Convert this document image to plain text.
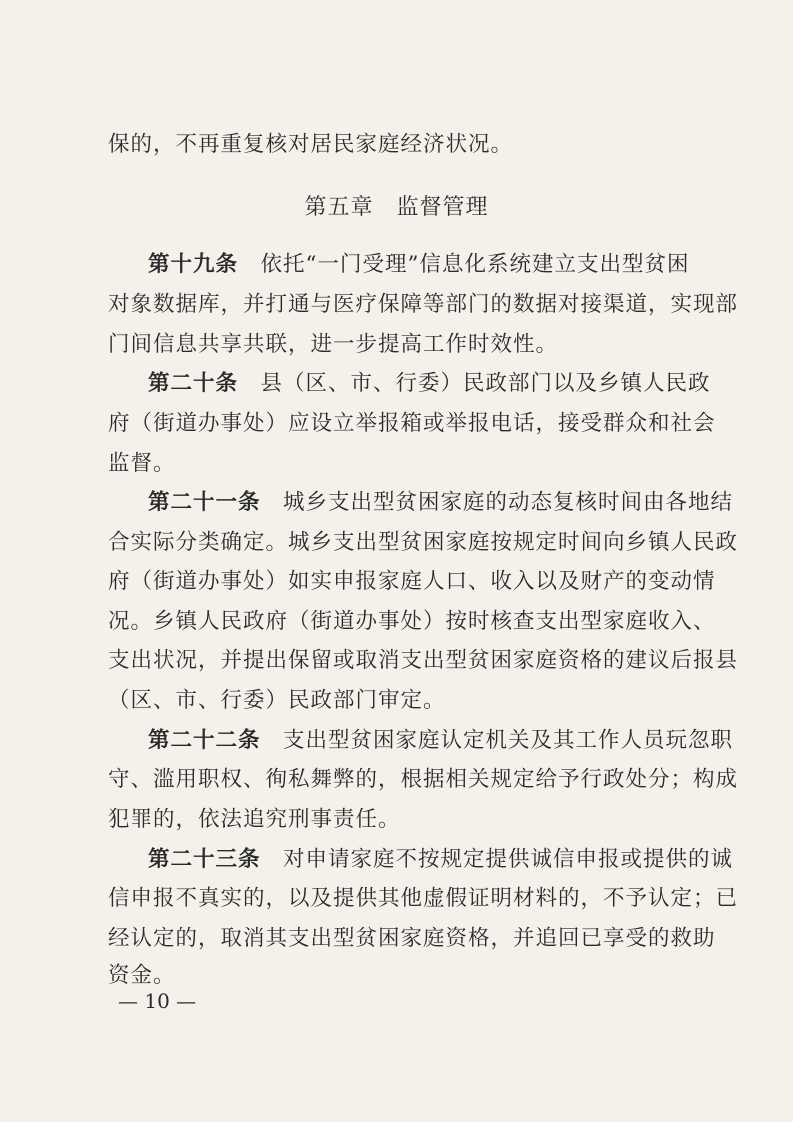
保的，不再重复核对居民家庭经济状况。
第五章　监督管理
第十九条　 依托“一门受理”信息化系统建立支出型贫困
对象数据库，并打通与医疗保障等部门的数据对接渠道，实现部
门间信息共享共联，进一步提高工作时效性。
第二十条　 县（区、市、行委）民政部门以及乡镇人民政
府（街道办事处）应设立举报箱或举报电话，接受群众和社会
监督。
第二十一条　 城乡支出型贫困家庭的动态复核时间由各地结
合实际分类确定。城乡支出型贫困家庭按规定时间向乡镇人民政
府（街道办事处）如实申报家庭人口、收入以及财产的变动情
况。乡镇人民政府（街道办事处）按时核查支出型家庭收入、
支出状况，并提出保留或取消支出型贫困家庭资格的建议后报县
（区、市、行委）民政部门审定。
第二十二条　 支出型贫困家庭认定机关及其工作人员玩忽职
守、滥用职权、徇私舞弊的，根据相关规定给予行政处分；构成
犯罪的，依法追究刑事责任。
第二十三条　 对申请家庭不按规定提供诚信申报或提供的诚
信申报不真实的，以及提供其他虚假证明材料的，不予认定；已
经认定的，取消其支出型贫困家庭资格，并追回已享受的救助
资金。
— 10 —
